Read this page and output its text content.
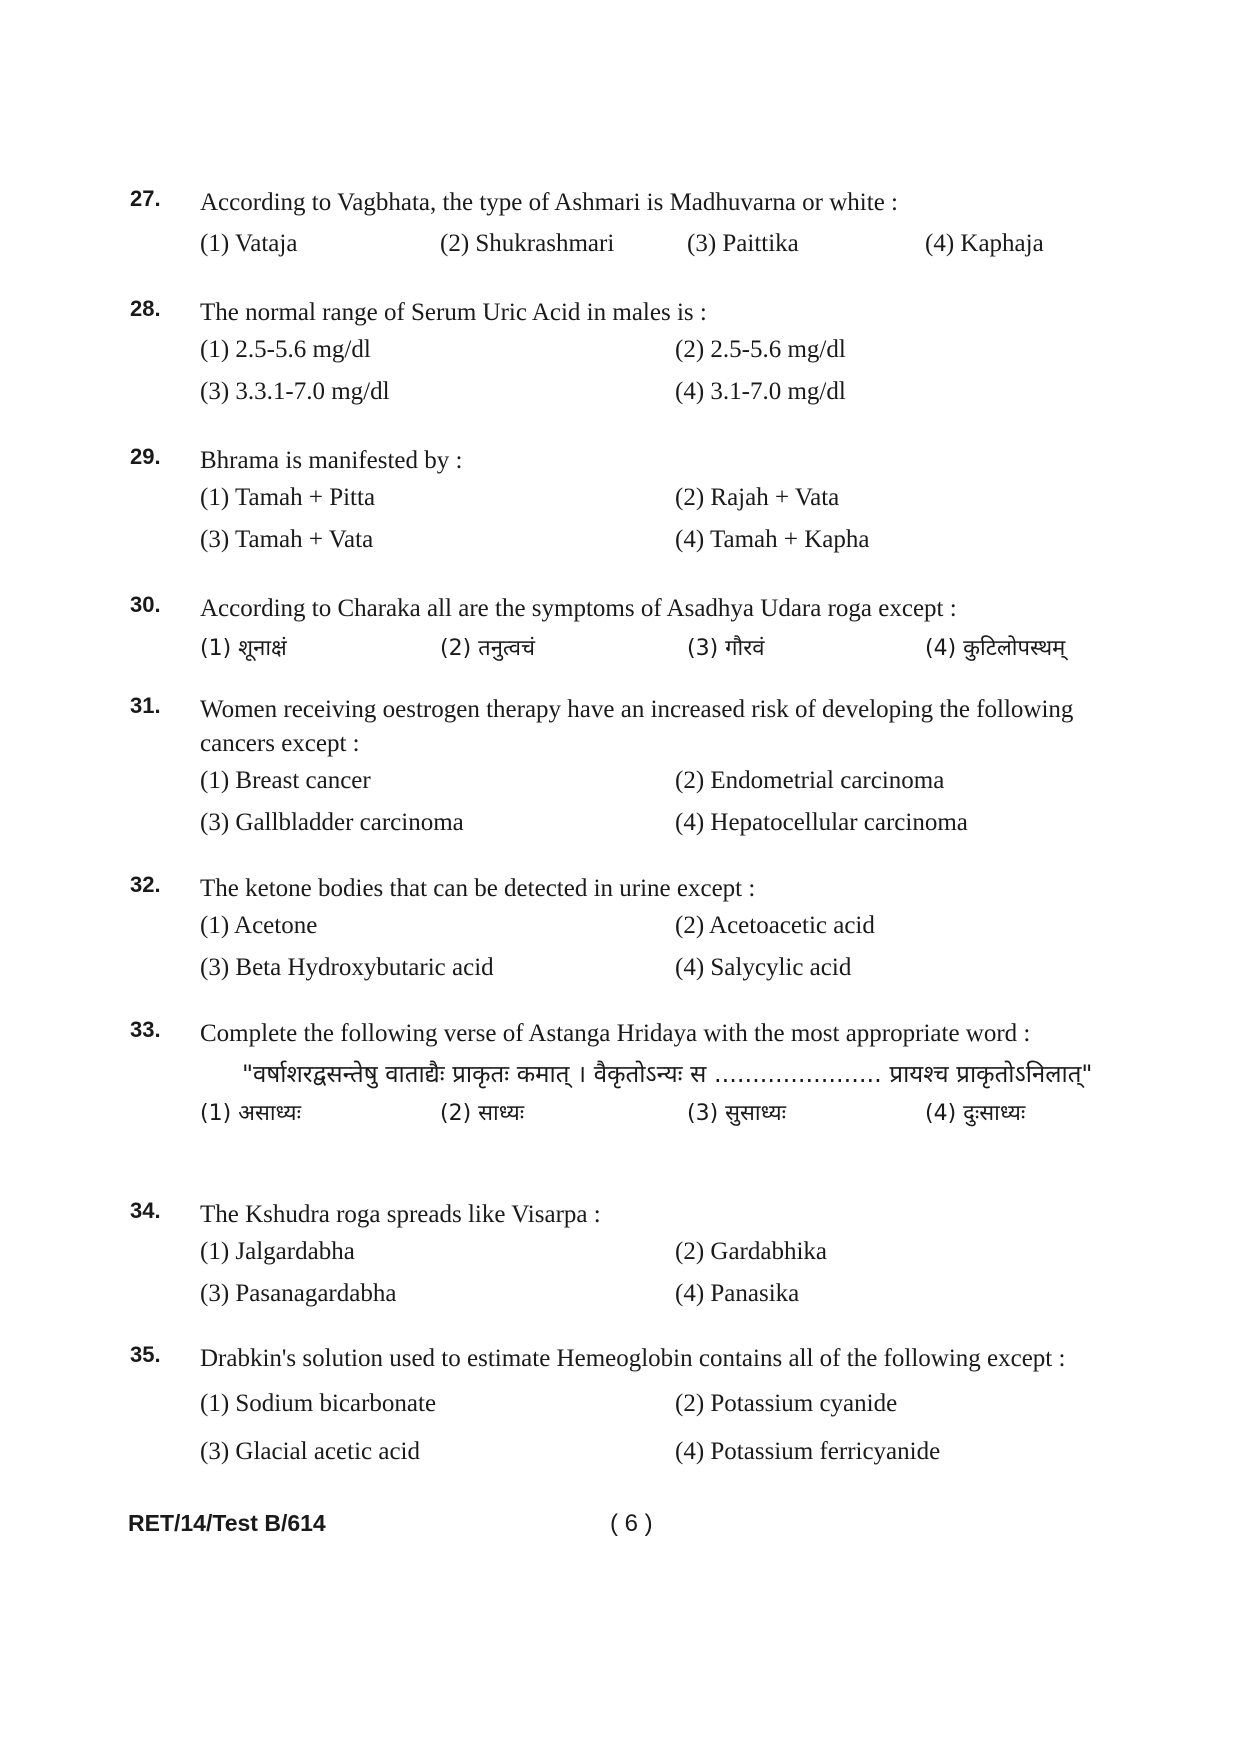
27.	According to Vagbhata, the type of Ashmari is Madhuvarna or white :
(1) Vataja	(2) Shukrashmari	(3) Paittika	(4) Kaphaja
28.	The normal range of Serum Uric Acid in males is :
(1) 2.5-5.6 mg/dl	(2) 2.5-5.6 mg/dl
(3) 3.3.1-7.0 mg/dl	(4) 3.1-7.0 mg/dl
29.	Bhrama is manifested by :
(1) Tamah + Pitta	(2) Rajah + Vata
(3) Tamah + Vata	(4) Tamah + Kapha
30.	According to Charaka all are the symptoms of Asadhya Udara roga except :
(1) शूनाक्षं	(2) तनुत्वचं	(3) गौरवं	(4) कुटिलोपस्थम्
31.	Women receiving oestrogen therapy have an increased risk of developing the following cancers except :
(1) Breast cancer	(2) Endometrial carcinoma
(3) Gallbladder carcinoma	(4) Hepatocellular carcinoma
32.	The ketone bodies that can be detected in urine except :
(1) Acetone	(2) Acetoacetic acid
(3) Beta Hydroxybutaric acid	(4) Salycylic acid
33.	Complete the following verse of Astanga Hridaya with the most appropriate word :
"वर्षाशरद्वसन्तेषु वाताद्यैः प्राकृतः कमात् । वैकृतोऽन्यः स ...................... प्रायश्च प्राकृतोऽनिलात्"
(1) असाध्यः	(2) साध्यः	(3) सुसाध्यः	(4) दुःसाध्यः
34.	The Kshudra roga spreads like Visarpa :
(1) Jalgardabha	(2) Gardabhika
(3) Pasanagardabha	(4) Panasika
35.	Drabkin's solution used to estimate Hemeoglobin contains all of the following except :
(1) Sodium bicarbonate	(2) Potassium cyanide
(3) Glacial acetic acid	(4) Potassium ferricyanide
RET/14/Test B/614	( 6 )
